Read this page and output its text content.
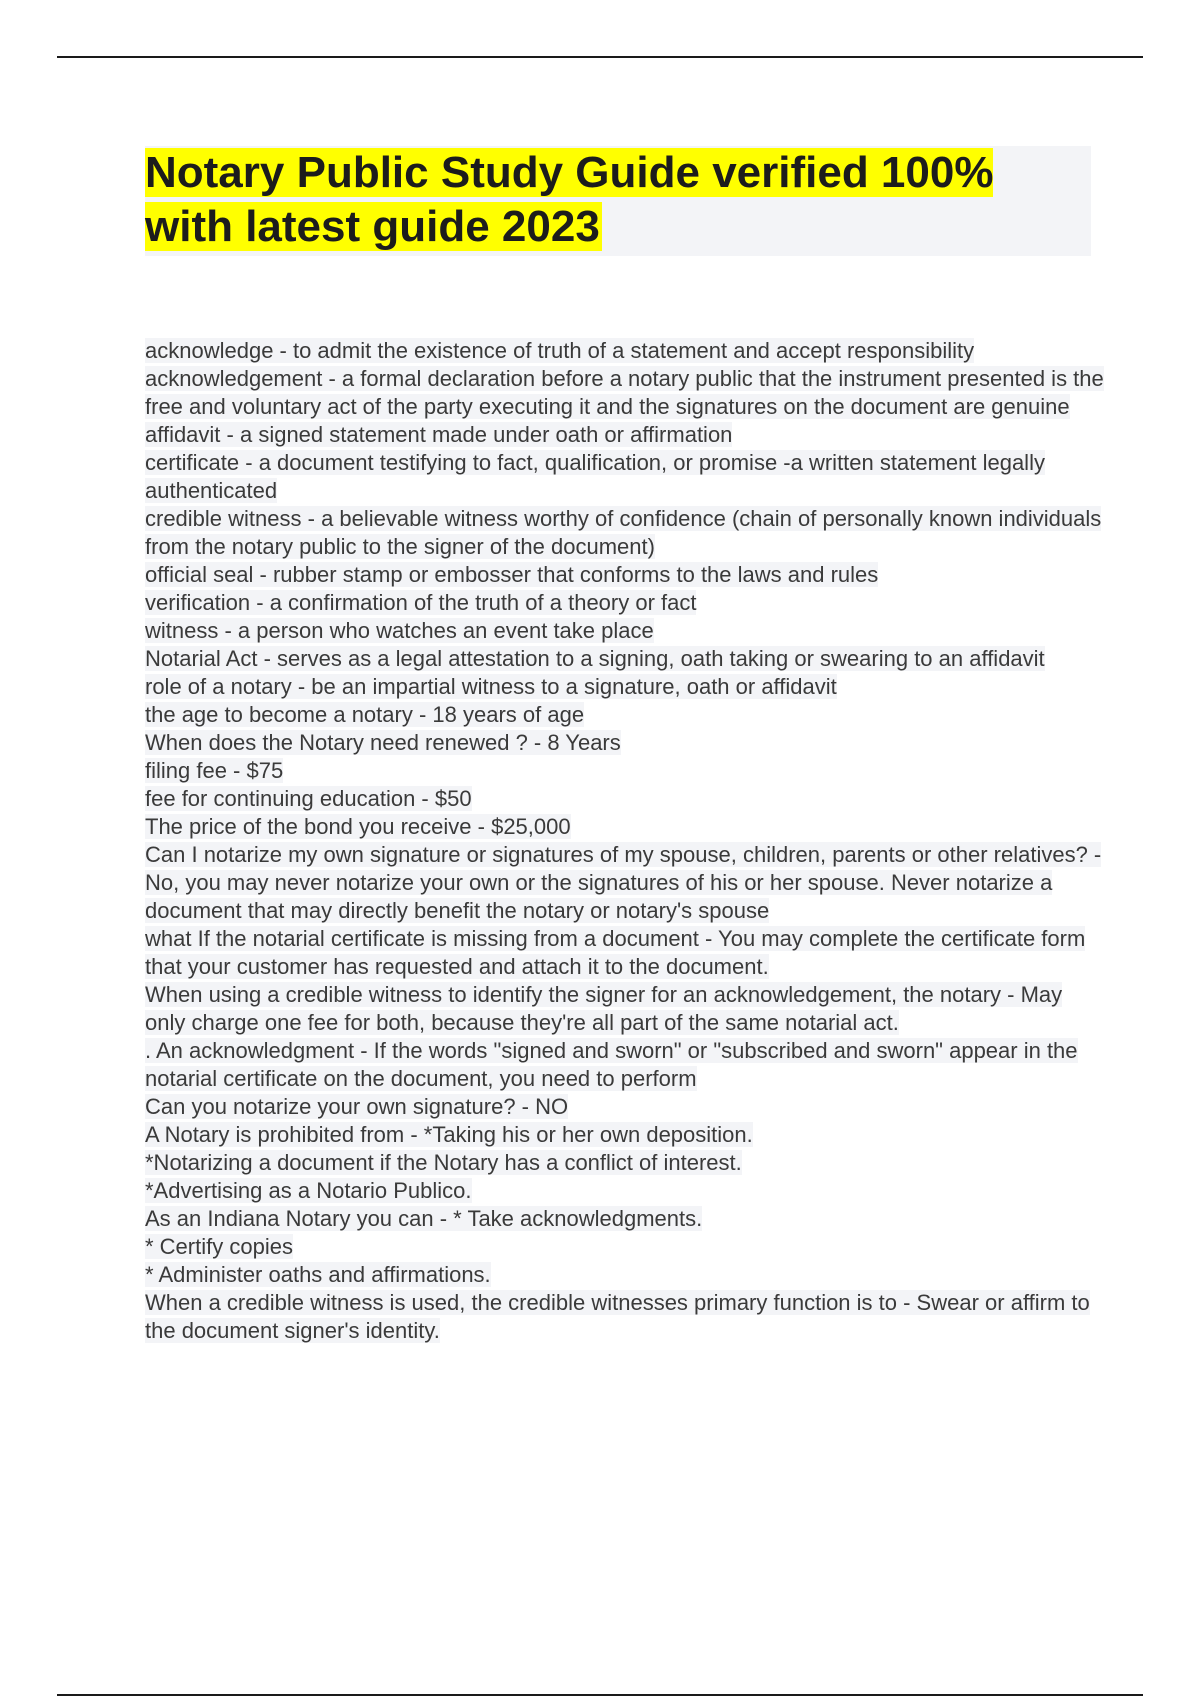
Notary Public Study Guide verified 100% with latest guide 2023
acknowledge - to admit the existence of truth of a statement and accept responsibility
acknowledgement - a formal declaration before a notary public that the instrument presented is the free and voluntary act of the party executing it and the signatures on the document are genuine
affidavit - a signed statement made under oath or affirmation
certificate - a document testifying to fact, qualification, or promise -a written statement legally authenticated
credible witness - a believable witness worthy of confidence (chain of personally known individuals from the notary public to the signer of the document)
official seal - rubber stamp or embosser that conforms to the laws and rules
verification - a confirmation of the truth of a theory or fact
witness - a person who watches an event take place
Notarial Act - serves as a legal attestation to a signing, oath taking or swearing to an affidavit
role of a notary - be an impartial witness to a signature, oath or affidavit
the age to become a notary - 18 years of age
When does the Notary need renewed ? - 8 Years
filing fee - $75
fee for continuing education - $50
The price of the bond you receive - $25,000
Can I notarize my own signature or signatures of my spouse, children, parents or other relatives? - No, you may never notarize your own or the signatures of his or her spouse. Never notarize a document that may directly benefit the notary or notary's spouse
what If the notarial certificate is missing from a document - You may complete the certificate form that your customer has requested and attach it to the document.
When using a credible witness to identify the signer for an acknowledgement, the notary - May only charge one fee for both, because they're all part of the same notarial act.
. An acknowledgment - If the words "signed and sworn" or "subscribed and sworn" appear in the notarial certificate on the document, you need to perform
Can you notarize your own signature? - NO
A Notary is prohibited from - *Taking his or her own deposition.
*Notarizing a document if the Notary has a conflict of interest.
*Advertising as a Notario Publico.
As an Indiana Notary you can - * Take acknowledgments.
* Certify copies
* Administer oaths and affirmations.
When a credible witness is used, the credible witnesses primary function is to - Swear or affirm to the document signer's identity.
